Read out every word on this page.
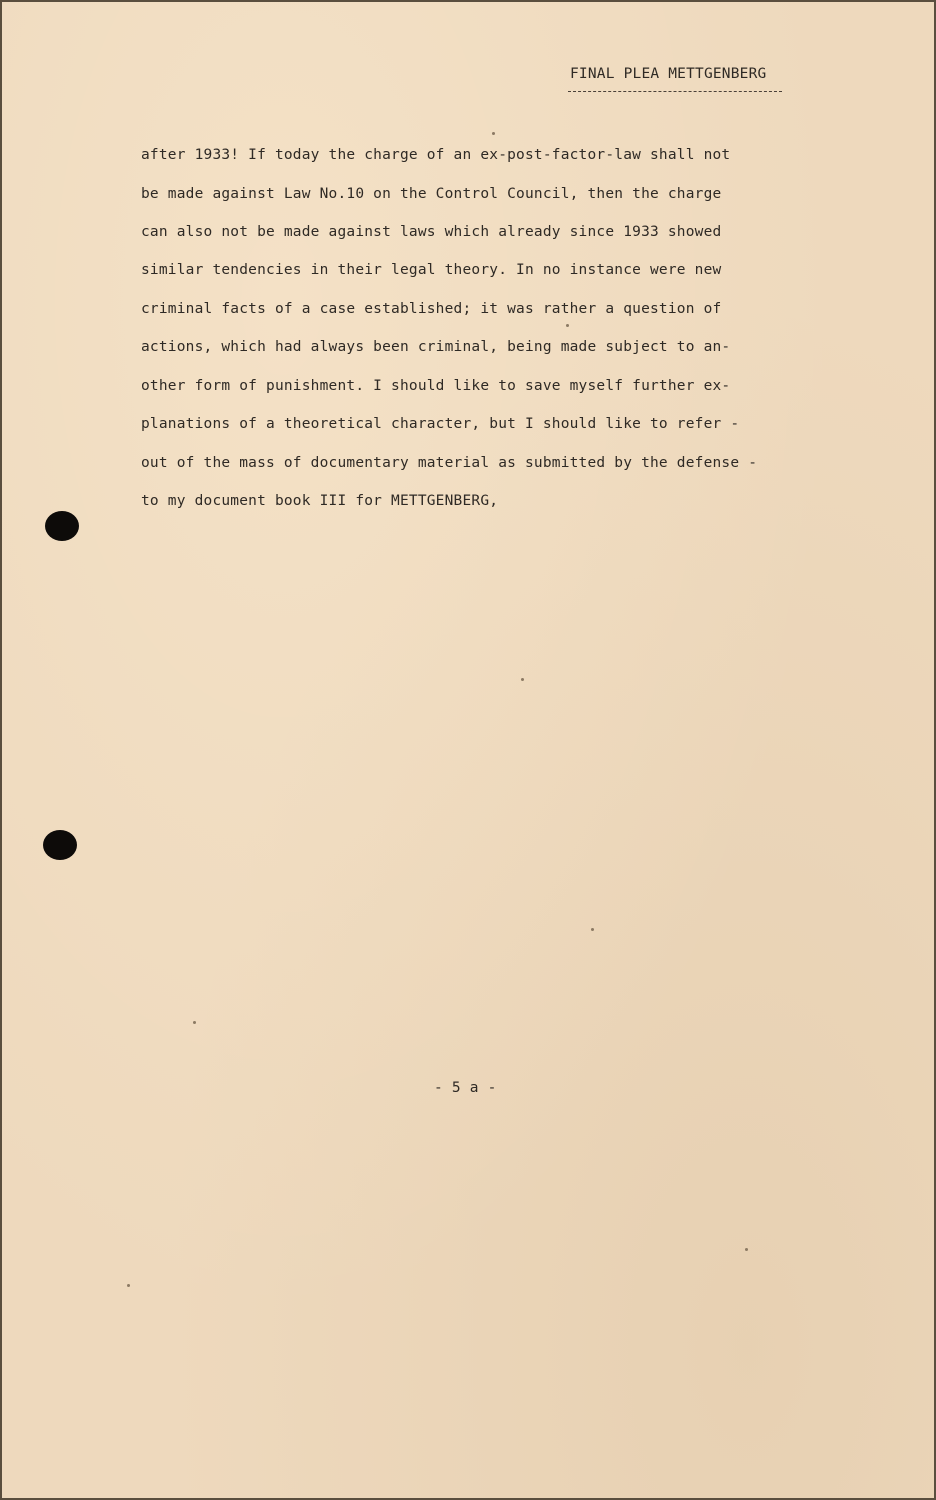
FINAL PLEA METTGENBERG
after 1933! If today the charge of an ex-post-factor-law shall not
be made against Law No.10 on the Control Council, then the charge
can also not be made against laws which already since 1933 showed
similar tendencies in their legal theory. In no instance were new
criminal facts of a case established; it was rather a question of
actions, which had always been criminal, being made subject to an-
other form of punishment. I should like to save myself further ex-
planations of a theoretical character, but I should like to refer -
out of the mass of documentary material as submitted by the defense -
to my document book III for METTGENBERG,
- 5 a -
